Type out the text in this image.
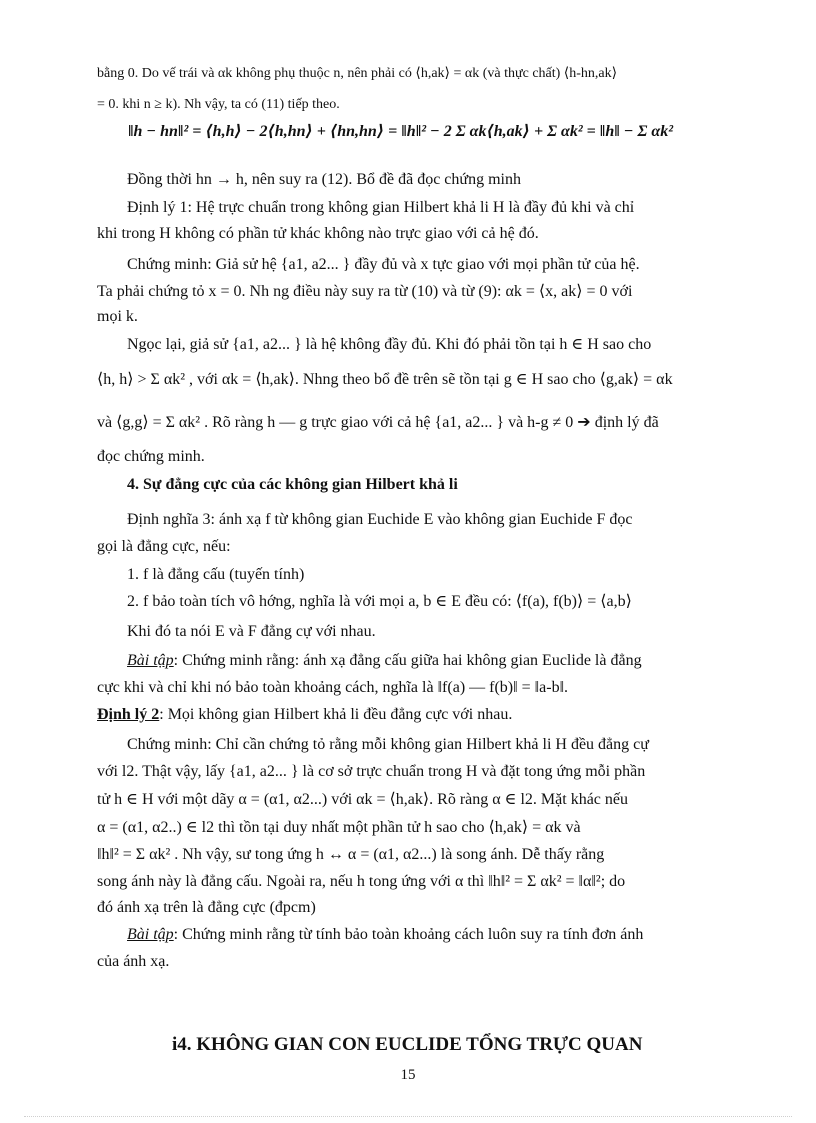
bằng 0. Do vế trái và αk không phụ thuộc n, nên phải có ⟨h,ak⟩ = αk (và thực chất) ⟨h-hn,ak⟩
= 0. khi n ≥ k). Nh vậy, ta có (11) tiếp theo.
‖h − hn‖² = ⟨h,h⟩ − 2⟨h,hn⟩ + ⟨hn,hn⟩ = ‖h‖² − 2 Σ αk⟨h,ak⟩ + Σ αk² = ‖h‖ − Σ αk²
Đồng thời hn → h, nên suy ra (12). Bổ đề đã đọc chứng minh
Định lý 1: Hệ trực chuẩn trong không gian Hilbert khả li H là đầy đủ khi và chỉ
khi trong H không có phần tử khác không nào trực giao với cả hệ đó.
Chứng minh: Giả sử hệ {a1, a2... } đầy đủ và x tực giao với mọi phần tử của hệ.
Ta phải chứng tỏ x = 0. Nh ng điều này suy ra từ (10) và từ (9): αk = ⟨x, ak⟩ = 0 với
mọi k.
Ngọc lại, giả sử {a1, a2... } là hệ không đầy đủ. Khi đó phải tồn tại h ∈ H sao cho
⟨h, h⟩ > Σ αk² , với αk = ⟨h,ak⟩. Nhng theo bổ đề trên sẽ tồn tại g ∈ H sao cho ⟨g,ak⟩ = αk
và ⟨g,g⟩ = Σ αk² . Rõ ràng h — g trực giao với cả hệ {a1, a2... } và h-g ≠ 0 ➔ định lý đã
đọc chứng minh.
4. Sự đẳng cực của các không gian Hilbert khả li
Định nghĩa 3: ánh xạ f từ không gian Euchide E vào không gian Euchide F đọc
gọi là đẳng cực, nếu:
1. f là đẳng cấu (tuyến tính)
2. f bảo toàn tích vô hớng, nghĩa là với mọi a, b ∈ E đều có: ⟨f(a), f(b)⟩ = ⟨a,b⟩
Khi đó ta nói E và F đẳng cự với nhau.
Bài tập: Chứng minh rằng: ánh xạ đẳng cấu giữa hai không gian Euclide là đẳng
cực khi và chỉ khi nó bảo toàn khoảng cách, nghĩa là ‖f(a) — f(b)‖ = ‖a-b‖.
Định lý 2: Mọi không gian Hilbert khả li đều đẳng cực với nhau.
Chứng minh: Chỉ cần chứng tỏ rằng mỗi không gian Hilbert khả li H đều đẳng cự
với l2. Thật vậy, lấy {a1, a2... } là cơ sở trực chuẩn trong H và đặt tong ứng mỗi phần
tử h ∈ H với một dãy α = (α1, α2...) với αk = ⟨h,ak⟩. Rõ ràng α ∈ l2. Mặt khác nếu
α = (α1, α2..) ∈ l2 thì tồn tại duy nhất một phần tử h sao cho ⟨h,ak⟩ = αk và
‖h‖² = Σ αk² . Nh vậy, sư tong ứng h ↔ α = (α1, α2...) là song ánh. Dễ thấy rằng
song ánh này là đẳng cấu. Ngoài ra, nếu h tong ứng với α thì ‖h‖² = Σ αk² = ‖α‖²; do
đó ánh xạ trên là đẳng cực (đpcm)
Bài tập: Chứng minh rằng từ tính bảo toàn khoảng cách luôn suy ra tính đơn ánh
của ánh xạ.
i4. KHÔNG GIAN CON EUCLIDE TỔNG TRỰC QUAN
15
